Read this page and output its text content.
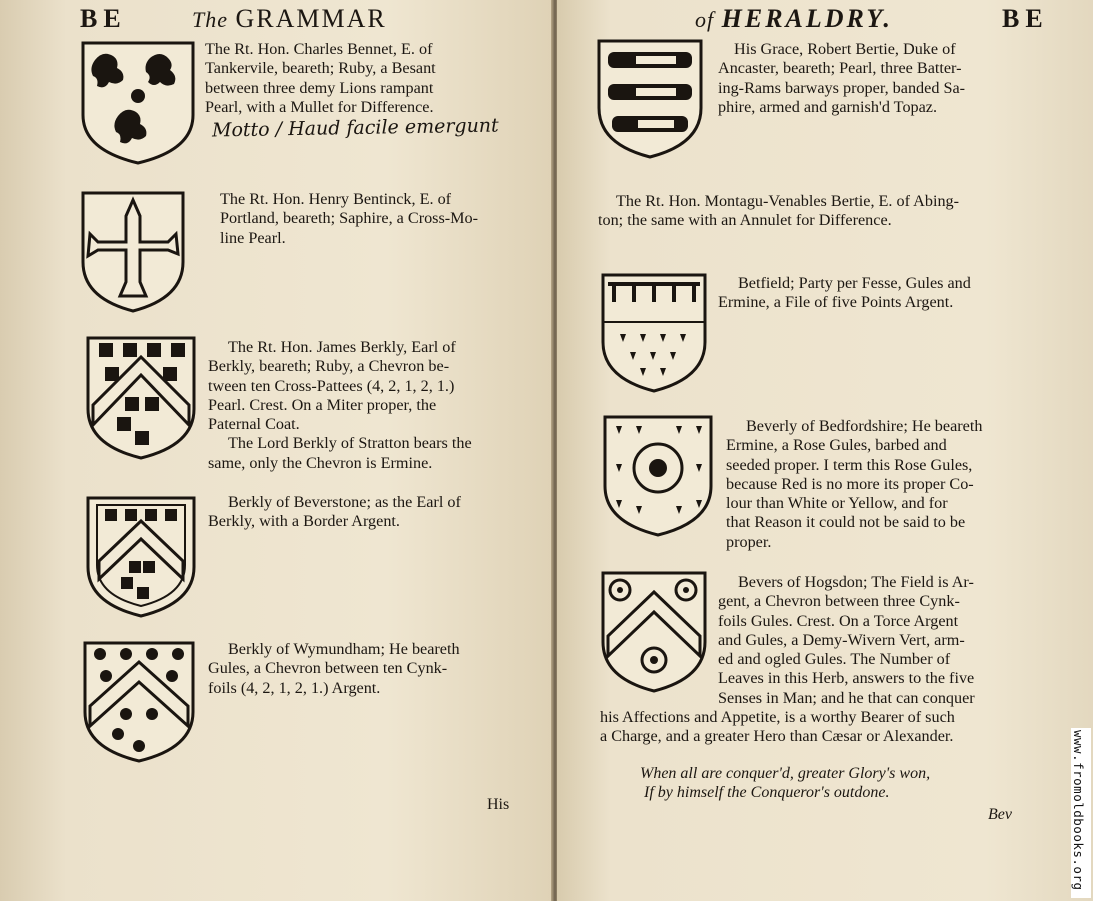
BE	The GRAMMAR	of HERALDRY.	BE
The Rt. Hon. Charles Bennet, E. of
Tankervile, beareth; Ruby, a Besant
between three demy Lions rampant
Pearl, with a Mullet for Difference.
Motto / Haud facile emergunt
The Rt. Hon. Henry Bentinck, E. of
Portland, beareth; Saphire, a Cross-Mo-
line Pearl.
The Rt. Hon. James Berkly, Earl of
Berkly, beareth; Ruby, a Chevron be-
tween ten Cross-Pattees (4, 2, 1, 2, 1.)
Pearl. Crest. On a Miter proper, the
Paternal Coat.
The Lord Berkly of Stratton bears the
same, only the Chevron is Ermine.
Berkly of Beverstone; as the Earl of
Berkly, with a Border Argent.
Berkly of Wymundham; He beareth
Gules, a Chevron between ten Cynk-
foils (4, 2, 1, 2, 1.) Argent.
His
His Grace, Robert Bertie, Duke of
Ancaster, beareth; Pearl, three Batter-
ing-Rams barways proper, banded Sa-
phire, armed and garnish'd Topaz.
The Rt. Hon. Montagu-Venables Bertie, E. of Abing-
ton; the same with an Annulet for Difference.
Betfield; Party per Fesse, Gules and
Ermine, a File of five Points Argent.
Beverly of Bedfordshire; He beareth
Ermine, a Rose Gules, barbed and
seeded proper. I term this Rose Gules,
because Red is no more its proper Co-
lour than White or Yellow, and for
that Reason it could not be said to be
proper.
Bevers of Hogsdon; The Field is Ar-
gent, a Chevron between three Cynk-
foils Gules. Crest. On a Torce Argent
and Gules, a Demy-Wivern Vert, arm-
ed and ogled Gules. The Number of
Leaves in this Herb, answers to the five
Senses in Man; and he that can conquer
his Affections and Appetite, is a worthy Bearer of such
a Charge, and a greater Hero than Cæsar or Alexander.
When all are conquer'd, greater Glory's won,
If by himself the Conqueror's outdone.
Bev	www.fromoldbooks.org
